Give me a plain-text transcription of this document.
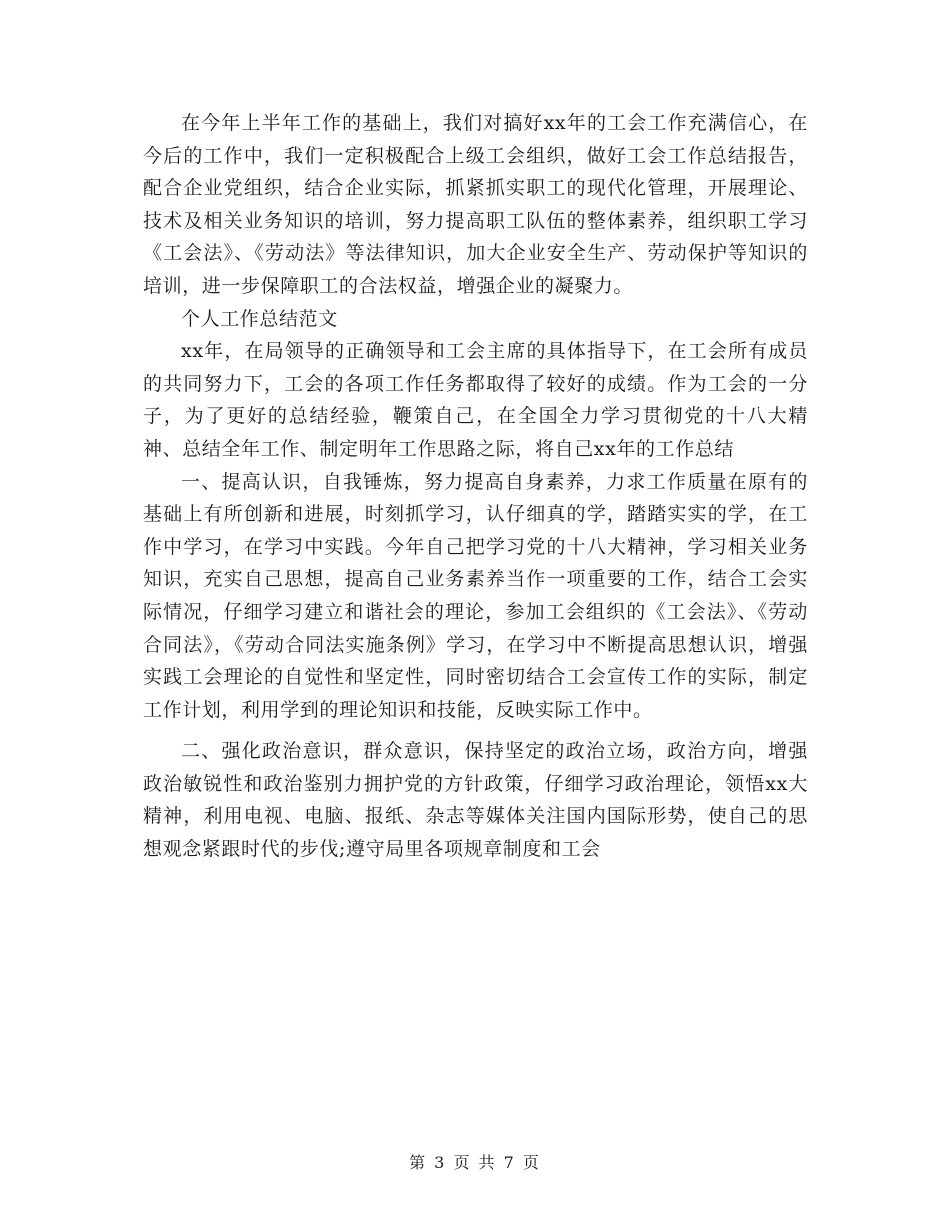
在今年上半年工作的基础上，我们对搞好xx年的工会工作充满信心，在今后的工作中，我们一定积极配合上级工会组织，做好工会工作总结报告，配合企业党组织，结合企业实际，抓紧抓实职工的现代化管理，开展理论、技术及相关业务知识的培训，努力提高职工队伍的整体素养，组织职工学习《工会法》、《劳动法》等法律知识，加大企业安全生产、劳动保护等知识的培训，进一步保障职工的合法权益，增强企业的凝聚力。

个人工作总结范文

xx年，在局领导的正确领导和工会主席的具体指导下，在工会所有成员的共同努力下，工会的各项工作任务都取得了较好的成绩。作为工会的一分子，为了更好的总结经验，鞭策自己，在全国全力学习贯彻党的十八大精神、总结全年工作、制定明年工作思路之际，将自己xx年的工作总结

一、提高认识，自我锤炼，努力提高自身素养，力求工作质量在原有的基础上有所创新和进展，时刻抓学习，认仔细真的学，踏踏实实的学，在工作中学习，在学习中实践。今年自己把学习党的十八大精神，学习相关业务知识，充实自己思想，提高自己业务素养当作一项重要的工作，结合工会实际情况，仔细学习建立和谐社会的理论，参加工会组织的《工会法》、《劳动合同法》，《劳动合同法实施条例》学习，在学习中不断提高思想认识，增强实践工会理论的自觉性和坚定性，同时密切结合工会宣传工作的实际，制定工作计划，利用学到的理论知识和技能，反映实际工作中。

二、强化政治意识，群众意识，保持坚定的政治立场，政治方向，增强政治敏锐性和政治鉴别力拥护党的方针政策，仔细学习政治理论，领悟xx大精神，利用电视、电脑、报纸、杂志等媒体关注国内国际形势，使自己的思想观念紧跟时代的步伐;遵守局里各项规章制度和工会

第 3 页 共 7 页
